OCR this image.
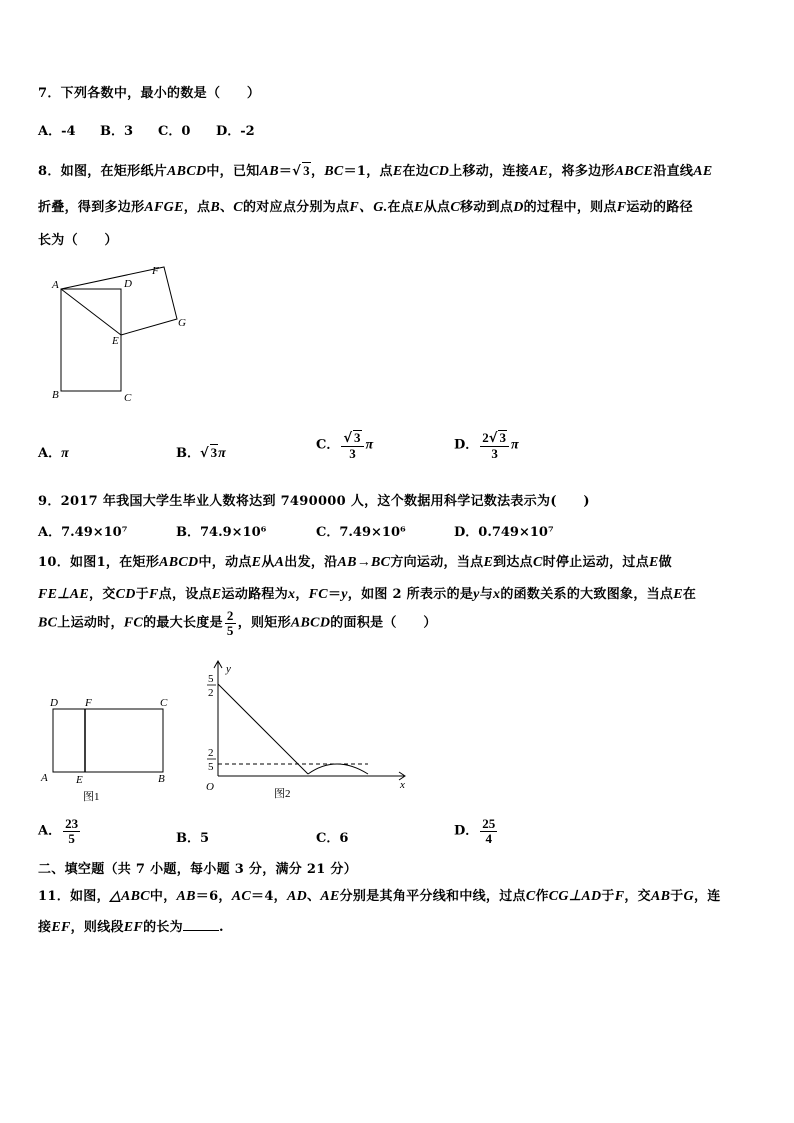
7．下列各数中，最小的数是（　　）
A．-4 B．3 C．0 D．-2
8．如图，在矩形纸片ABCD中，已知AB＝√ 3，BC＝1，点E在边CD上移动，连接AE，将多边形ABCE沿直线AE
折叠，得到多边形AFGE，点B、C的对应点分别为点F、G.在点E从点C移动到点D的过程中，则点F运动的路径
长为（　　）
A	D
F
G
E
B	C
A．π	B．√ 3π
C． $\frac{√ 3}{3}$ π	D． $\frac{2√ 3}{3}$ π
9．2017 年我国大学生毕业人数将达到 7490000 人，这个数据用科学记数法表示为(　　)
A．7.49×10⁷	B．74.9×10⁶	C．7.49×10⁶	D．0.749×10⁷
10．如图1，在矩形ABCD中，动点E从A出发，沿AB→BC方向运动，当点E到达点C时停止运动，过点E做
FE⊥AE，交CD于F点，设点E运动路程为x，FC＝y，如图 2 所表示的是y与x的函数关系的大致图象，当点E在
BC上运动时，FC的最大长度是 $\frac{2}{5}$ ，则矩形ABCD的面积是（　　）
D F	C
A	E	B
图1
y
x
O
5
2
2
5
图2
A． $\frac{23}{5}$	B．5	C．6	D． $\frac{25}{4}$
二、填空题（共 7 小题，每小题 3 分，满分 21 分）
11．如图，△ABC中，AB＝6，AC＝4，AD、AE分别是其角平分线和中线，过点C作CG⊥AD于F，交AB于G，连
接EF，则线段EF的长为	.
